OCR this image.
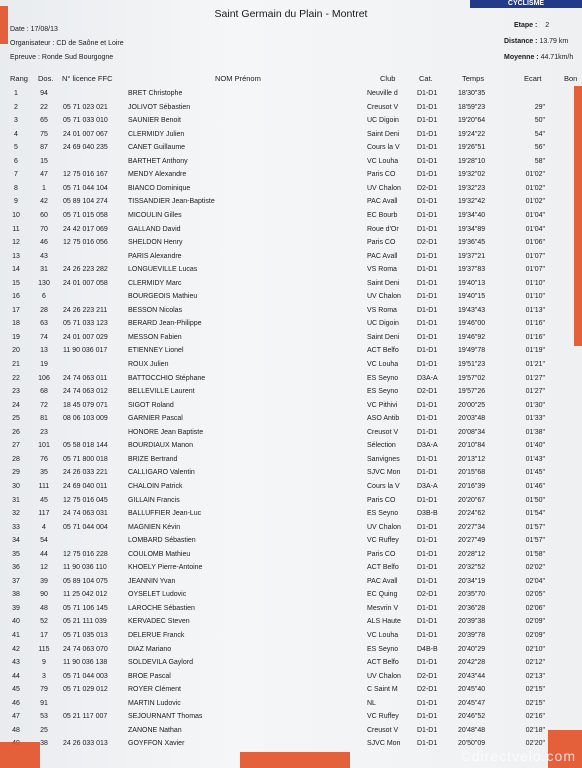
CYCLISME
Saint Germain du Plain - Montret
Date : 17/08/13
Organisateur : CD de Saône et Loire
Epreuve : Ronde Sud Bourgogne
Etape : 2
Distance : 13.79 km
Moyenne : 44.71km/h
Rang Dos. N° licence FFC	NOM Prénom	Club	Cat.	Temps	Ecart	Bon
1	94	BRET Christophe	Neuville d	D1-D1	18'30"35
2	22	05 71 023 021	JOLIVOT Sébastien	Creusot V	D1-D1	18'59"23	29"
3	65	05 71 033 010	SAUNIER Benoit	UC Digoin	D1-D1	19'20"64	50"
4	75	24 01 007 067	CLERMIDY Julien	Saint Deni	D1-D1	19'24"22	54"
5	87	24 69 040 235	CANET Guillaume	Cours la V D1-D1	19'26"51	56"
6	15	BARTHET Anthony	VC Louha	D1-D1	19'28"10	58"
7	47	12 75 016 167	MENDY Alexandre	Paris CO	D1-D1	19'32"02	01'02"
8	1	05 71 044 104	BIANCO Dominique	UV Chalon D2-D1	19'32"23	01'02"
9	42	05 89 104 274	TISSANDIER Jean-Baptiste	PAC Avall	D1-D1	19'32"42	01'02"
10	60	05 71 015 058	MICOULIN Gilles	EC Bourb	D1-D1	19'34"40	01'04"
11	70	24 42 017 069	GALLAND David	Roue d'Or	D1-D1	19'34"89	01'04"
12	46	12 75 016 056	SHELDON Henry	Paris CO	D2-D1	19'36"45	01'06"
13	43	PARIS Alexandre	PAC Avall	D1-D1	19'37"21	01'07"
14	31	24 26 223 282	LONGUEVILLE Lucas	VS Roma	D1-D1	19'37"83	01'07"
15	130	24 01 007 058	CLERMIDY Marc	Saint Deni	D1-D1	19'40"13	01'10"
16	6	BOURGEOIS Mathieu	UV Chalon D1-D1	19'40"15	01'10"
17	28	24 26 223 211	BESSON Nicolas	VS Roma	D1-D1	19'43"43	01'13"
18	63	05 71 033 123	BERARD Jean-Philippe	UC Digoin	D1-D1	19'46"00	01'16"
19	74	24 01 007 029	MESSON Fabien	Saint Deni	D1-D1	19'46"92	01'16"
20	13	11 90 036 017	ETIENNEY Lionel	ACT Belfo	D1-D1	19'49"78	01'19"
21	19	ROUX Julien	VC Louha	D1-D1	19'51"23	01'21"
22	106	24 74 063 011	BATTOCCHIO Stéphane	ES Seyno	D3A-A	19'57"02	01'27"
23	68	24 74 063 012	BELLEVILLE Laurent	ES Seyno	D2-D1	19'57"26	01'27"
24	72	18 45 079 071	SIGOT Roland	VC Pithivi	D1-D1	20'00"25	01'30"
25	81	08 06 103 009	GARNIER Pascal	ASO Antib	D1-D1	20'03"48	01'33"
26	23	HONORE Jean Baptiste	Creusot V	D1-D1	20'08"34	01'38"
27	101	05 58 018 144	BOURDIAUX Manon	Sélection	D3A-A	20'10"84	01'40"
28	76	05 71 800 018	BRIZE Bertrand	Sanvignes D1-D1	20'13"12	01'43"
29	35	24 26 033 221	CALLIGARO Valentin	SJVC Mon D1-D1	20'15"68	01'45"
30	111	24 69 040 011	CHALOIN Patrick	Cours la V D3A-A	20'16"39	01'46"
31	45	12 75 016 045	GILLAIN Francis	Paris CO	D1-D1	20'20"67	01'50"
32	117	24 74 063 031	BALLUFFIER Jean-Luc	ES Seyno	D3B-B	20'24"62	01'54"
33	4	05 71 044 004	MAGNIEN Kévin	UV Chalon D1-D1	20'27"34	01'57"
34	54	LOMBARD Sébastien	VC Ruffey	D1-D1	20'27"49	01'57"
35	44	12 75 016 228	COULOMB Mathieu	Paris CO	D1-D1	20'28"12	01'58"
36	12	11 90 036 110	KHOELY Pierre-Antoine	ACT Belfo	D1-D1	20'32"52	02'02"
37	39	05 89 104 075	JEANNIN Yvan	PAC Avall	D1-D1	20'34"19	02'04"
38	90	11 25 042 012	OYSELET Ludovic	EC Quing	D2-D1	20'35"70	02'05"
39	48	05 71 106 145	LAROCHE Sébastien	Mesvrin V	D1-D1	20'36"28	02'06"
40	52	05 21 111 039	KERVADEC Steven	ALS Haute D1-D1	20'39"38	02'09"
41	17	05 71 035 013	DELERUE Franck	VC Louha	D1-D1	20'39"78	02'09"
42	115	24 74 063 070	DIAZ Mariano	ES Seyno	D4B-B	20'40"29	02'10"
43	9	11 90 036 138	SOLDEVILA Gaylord	ACT Belfo	D1-D1	20'42"28	02'12"
44	3	05 71 044 003	BROE Pascal	UV Chalon D2-D1	20'43"44	02'13"
45	79	05 71 029 012	ROYER Clément	C Saint M	D2-D1	20'45"40	02'15"
46	91	MARTIN Ludovic	NL	D1-D1	20'45"47	02'15"
47	53	05 21 117 007	SEJOURNANT Thomas	VC Ruffey	D1-D1	20'46"52	02'16"
48	25	ZANONE Nathan	Creusot V	D1-D1	20'48"48	02'18"
38	24 26 033 013	GOYFFON Xavier	SJVC Mon D1-D1	20'50"09	02'20"
©directvelo.com
